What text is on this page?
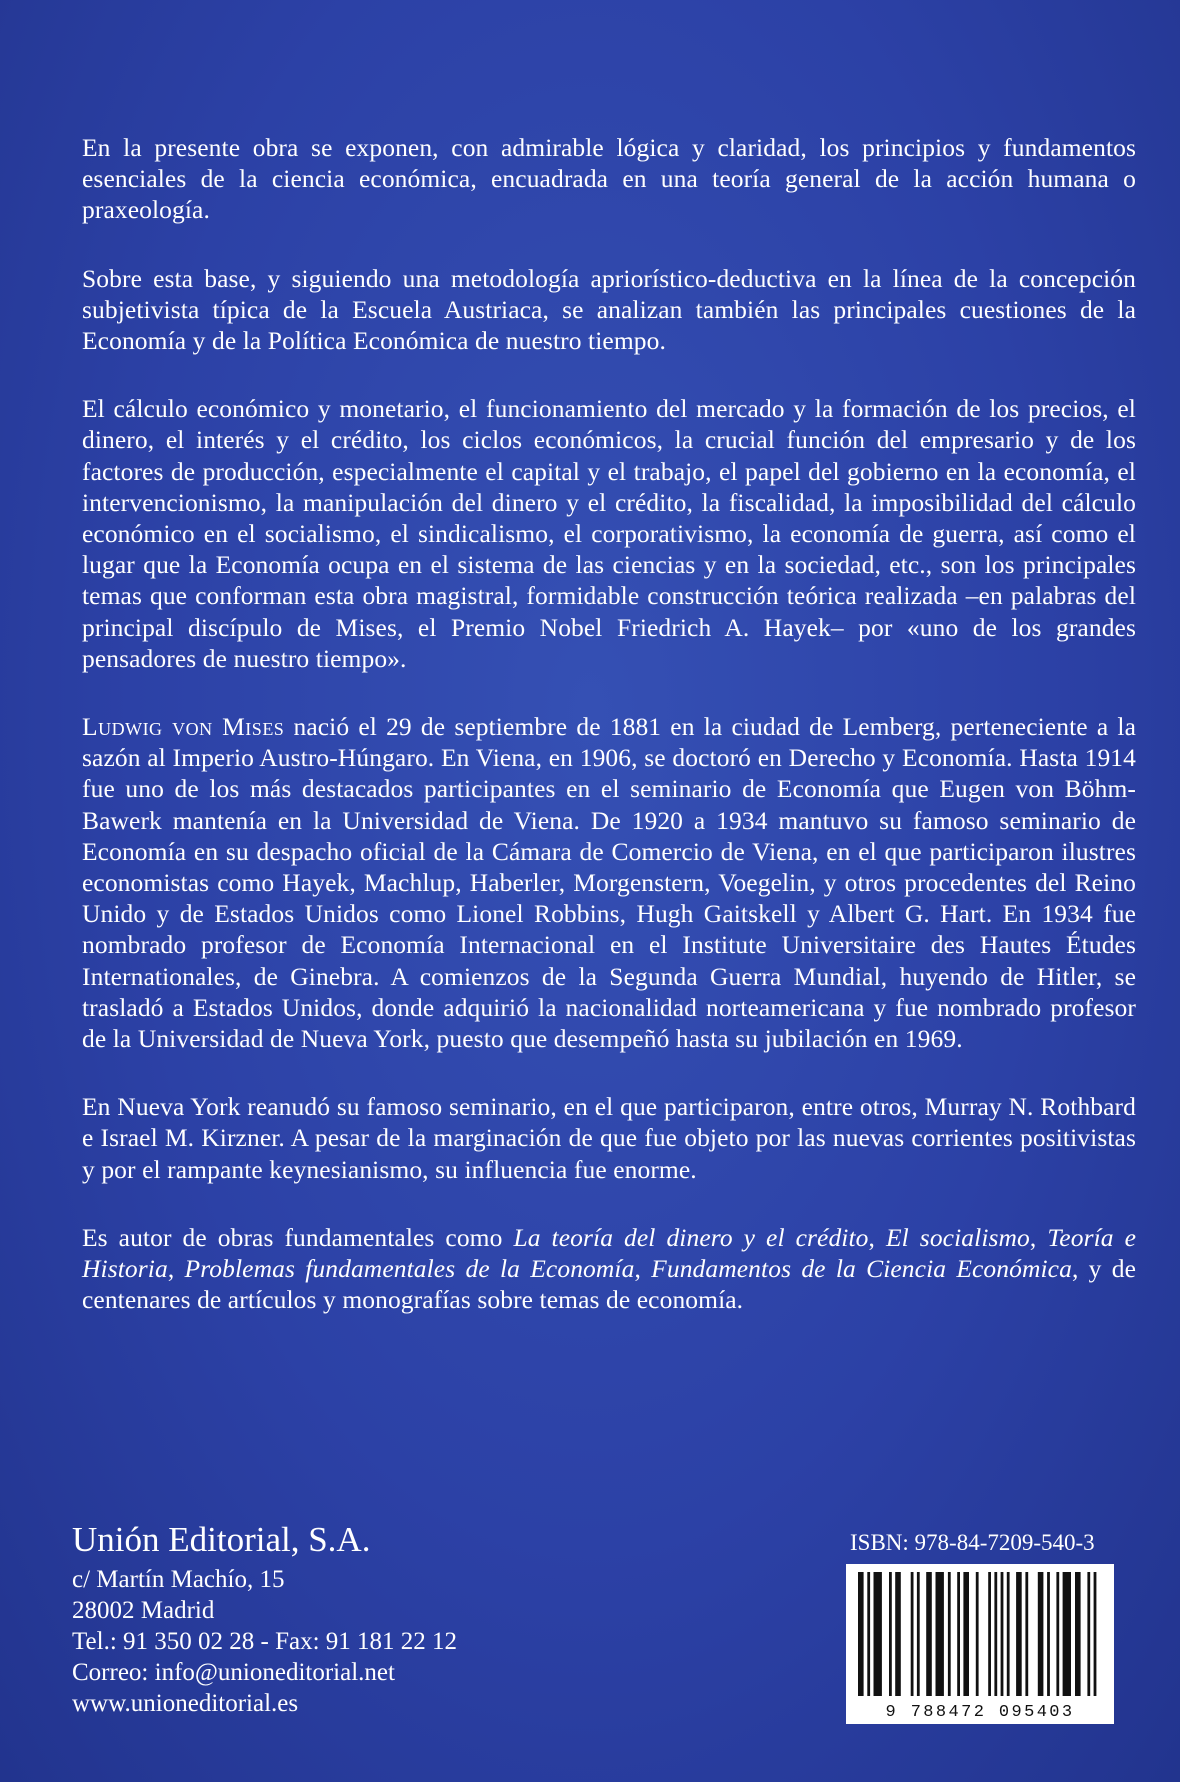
En la presente obra se exponen, con admirable lógica y claridad, los principios y fundamentos esenciales de la ciencia económica, encuadrada en una teoría general de la acción humana o praxeología.

Sobre esta base, y siguiendo una metodología apriorístico-deductiva en la línea de la concepción subjetivista típica de la Escuela Austriaca, se analizan también las principales cuestiones de la Economía y de la Política Económica de nuestro tiempo.

El cálculo económico y monetario, el funcionamiento del mercado y la formación de los precios, el dinero, el interés y el crédito, los ciclos económicos, la crucial función del empresario y de los factores de producción, especialmente el capital y el trabajo, el papel del gobierno en la economía, el intervencionismo, la manipulación del dinero y el crédito, la fiscalidad, la imposibilidad del cálculo económico en el socialismo, el sindicalismo, el corporativismo, la economía de guerra, así como el lugar que la Economía ocupa en el sistema de las ciencias y en la sociedad, etc., son los principales temas que conforman esta obra magistral, formidable construcción teórica realizada –en palabras del principal discípulo de Mises, el Premio Nobel Friedrich A. Hayek– por «uno de los grandes pensadores de nuestro tiempo».

Ludwig von Mises nació el 29 de septiembre de 1881 en la ciudad de Lemberg, perteneciente a la sazón al Imperio Austro-Húngaro. En Viena, en 1906, se doctoró en Derecho y Economía. Hasta 1914 fue uno de los más destacados participantes en el seminario de Economía que Eugen von Böhm-Bawerk mantenía en la Universidad de Viena. De 1920 a 1934 mantuvo su famoso seminario de Economía en su despacho oficial de la Cámara de Comercio de Viena, en el que participaron ilustres economistas como Hayek, Machlup, Haberler, Morgenstern, Voegelin, y otros procedentes del Reino Unido y de Estados Unidos como Lionel Robbins, Hugh Gaitskell y Albert G. Hart. En 1934 fue nombrado profesor de Economía Internacional en el Institute Universitaire des Hautes Études Internationales, de Ginebra. A comienzos de la Segunda Guerra Mundial, huyendo de Hitler, se trasladó a Estados Unidos, donde adquirió la nacionalidad norteamericana y fue nombrado profesor de la Universidad de Nueva York, puesto que desempeñó hasta su jubilación en 1969.

En Nueva York reanudó su famoso seminario, en el que participaron, entre otros, Murray N. Rothbard e Israel M. Kirzner. A pesar de la marginación de que fue objeto por las nuevas corrientes positivistas y por el rampante keynesianismo, su influencia fue enorme.

Es autor de obras fundamentales como La teoría del dinero y el crédito, El socialismo, Teoría e Historia, Problemas fundamentales de la Economía, Fundamentos de la Ciencia Económica, y de centenares de artículos y monografías sobre temas de economía.

Unión Editorial, S.A.

c/ Martín Machío, 15

28002 Madrid

Tel.: 91 350 02 28 - Fax: 91 181 22 12

Correo: info@unioneditorial.net

www.unioneditorial.es

ISBN: 978-84-7209-540-3

9 788472 095403
